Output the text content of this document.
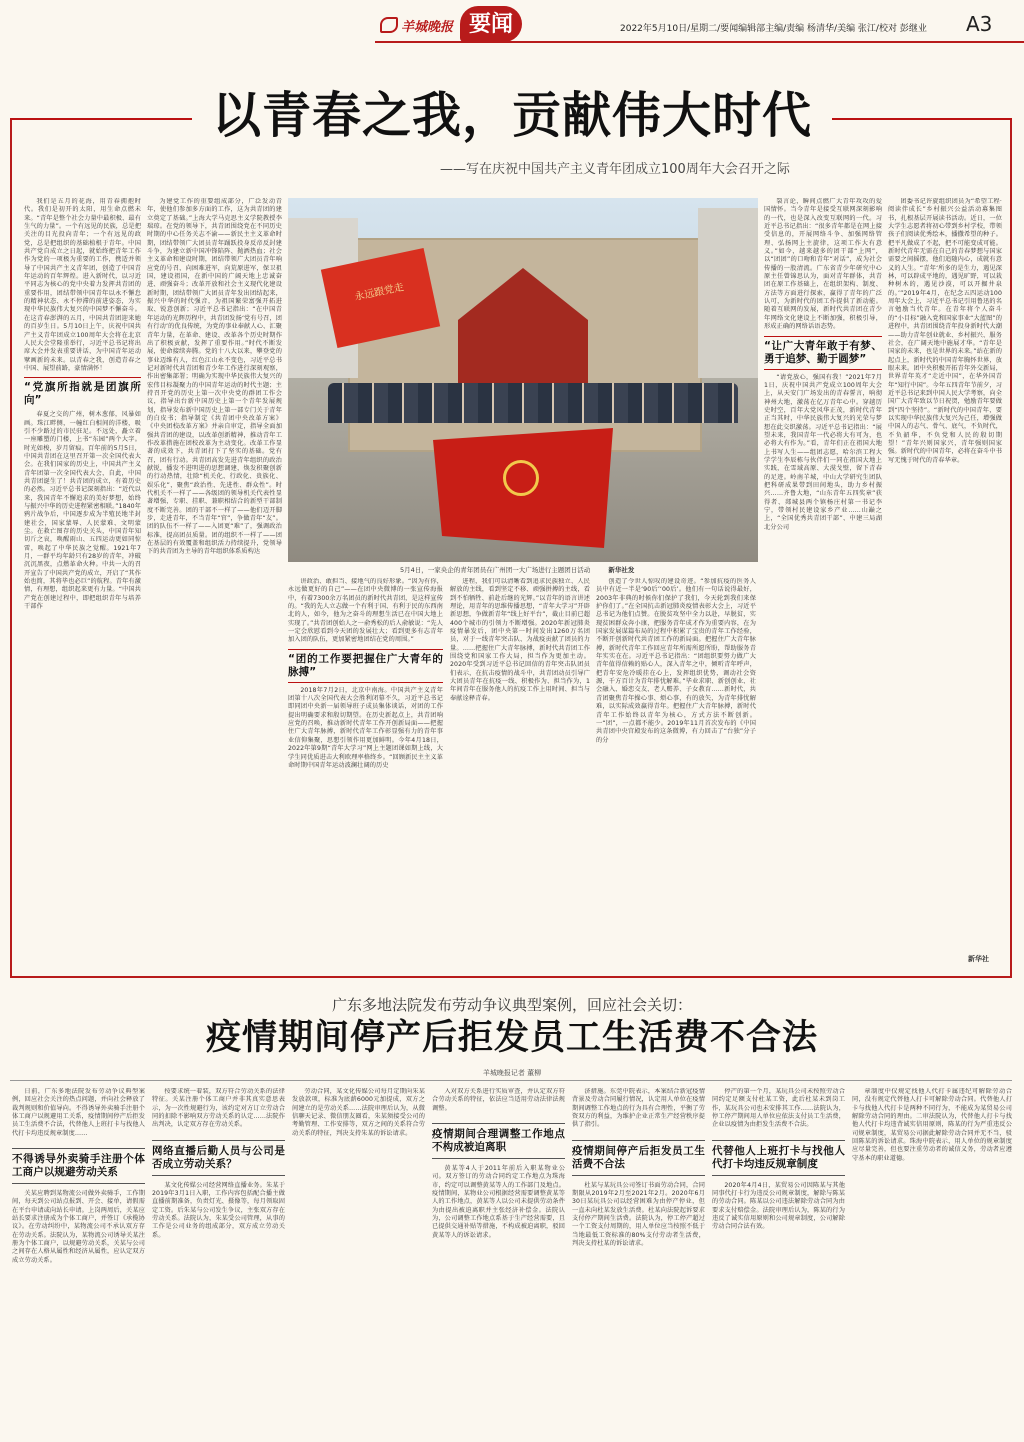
羊城晚报 要闻	2022年5月10日/星期二/要闻编辑部主编/责编 杨清华/美编 张江/校对 彭继业	A3
以青春之我，贡献伟大时代
——写在庆祝中国共产主义青年团成立100周年大会召开之际

我们是五月的花海，用青春拥抱时代。我们是初开的太阳，用生命点燃未来。“青年是整个社会力量中最积极、最有生气的力量”。一个有远见的民族，总是把关注的目光投向青年；一个有远见的政党，总是把组织的基础植根于青年。中国共产党自成立之日起，就始终把青年工作作为党的一项极为重要的工作，携适并领导了中国共产主义青年团，创造了中国青年运动的百年辉煌。进入新时代，以习近平同志为核心的党中央着力发挥共青团的重要作用，团结带领中国青年以永不懈怠的精神状态、永不停滞的前进姿态，为实现中华民族伟大复兴的中国梦不懈奋斗。在这青春澎湃的五月，中国共青团迎来她的百岁生日。5月10日上午，庆祝中国共产主义青年团成立100周年大会将在北京人民大会堂隆重举行，习近平总书记将出席大会并发表重要讲话，为中国青年运动擘画新的未来。以青春之我，创造青春之中国、展望前路，豪情满怀！

“党旗所指就是团旗所向”

春夏之交的广州，树木葱郁，风暴如画。珠江畔侧，一幢红白相间的洋楼，吸引不少路过的市民驻足。不远处，矗立着一座雕塑的门楼，上书“东园”两个大字。时光如梭，岁月留痕。百年前的5月5日，中国共青团在这里召开第一次全国代表大会。在我们国家的历史上，中国共产主义青年团第一次全国代表大会，自此，中国共青团诞生了！共青团的成立，有着历史的必然。习近平总书记深刻指出：“近代以来，我国青年不懈追求的美好梦想，始终与振兴中华的历史进程紧密相联。”1840年鸦片战争后，中国逐步成为半殖民地半封建社会，国家蒙辱、人民蒙难、文明蒙尘。在救亡图存的历史关头，中国青年知切斤之哀，唤醒雨山、五四运动更如同惊雷，唤起了中华民族之觉醒。1921年7月，一群平均年龄只有28岁的青年，冲破沉沉黑夜，点燃革命火种。中共一大的召开宣告了中国共产党的成立，开启了“其作始也简，其将毕也必巨”的航程。青年有激情，有理想，组织起来更有力量。“中国共产党在创建过程中，即把组织青年与培养干部作

为建党工作的重要组成部分，广泛发动青年，使他们参加多方面的工作，这为共青团的建立奠定了基础。”上海大学马克思主义学院教授李瑞琼。在党的领导下，共青团围绕党在不同历史时期的中心任务关志不渝——新民主主义革命时期，团结带领广大团员青年踊跃投身反帝反封建斗争，为建立新中国冲锋陷阵、抛洒热血；社会主义革命和建设时期，团结带领广大团员青年响应党的号召，向困难进军，向荒原进军，保卫祖国，建设祖国，在新中国的广阔天地上忠诚奋进、顽强奋斗；改革开放和社会主义现代化建设新时期，团结带领广大团员青年发出团结起来，振兴中华的时代强音，为祖国繁荣富强开拓进取、锐意创新；习近平总书记指出：“在中国青年运动的光辉历程中，共青团发扬‘党有号召，团有行动’的优良传统，为党的事业奉献人心、汇聚青年力量，在革命、建设、改革各个历史时期作出了积极贡献，发挥了重要作用。”时代不断发展，使命接续奔腾。党的十八大以来，攀登党的事业迈维有人，红色江山永不变色，习近平总书记对新时代共青团和青少年工作进行深刻观察，作出密集部署；明确为实现中华民族伟大复兴的宏伟目标凝聚力的中国青年运动的时代主题；主持召开党的历史上第一次中央党的群团工作会议，指导出台新中国历史上第一个青年发展规划，指导发布新中国历史上第一部专门关于青年的白皮书；指导制定《共青团中央改革方案》《中央团校改革方案》并亲自审定，指导全面加强共青团的建设，以改革创新精神，推动青年工作改革措施在团校改革为主动变化。改革工作显著的成效下，共青团打下了坚实的基础。党有召，团有行动。共青团高发先进青年组织的政治献锐，播发不进明进的思想调建，焕发积聚创新的行动热情，壮除“机关化、行政化、贵族化、娱乐化”，聚焦“政治性、先进性、群众性”。时代机关不一样了——各级团的领导机关代表性显著增强，专职、挂职、兼职相结合的新型干部制度不断完善。团的干部不一样了——他们迈开脚步，走进青年，不当青年“官”，争做青年“友”。团的队伍不一样了——入团更“难”了，强调政治标准，提高团员质量。团的组织不一样了——团在基层的有效覆盖和组织活力持续提升，党领导下的共青团为主导的青年组织体系质构达

永远跟党走
5月4日，一家央企的青年团员在广州团一大广场进行主题团日活动	新华社发

讲政治、敢担当、接地气的良好形象。“因为有你，永远做更好的自己”——在团中央微博的一张宣传海报中，有着7300余万名团员的新时代共青团，是这样宣传的。“我的先人立志做一个有利于国、有利于民的东西南北的人，如今，他为之奋斗的理想生活已在中国大地上实现了。”共青团创始人之一俞秀松的后人俞敏说：“先人一定会欣慰看到今天团的发展壮大；看到更多有志青年加入团的队伍，更加紧密地团结在党的周围。”

“团的工作要把握住广大青年的脉搏”

2018年7月2日，北京中南海。中国共产主义青年团第十八次全国代表大会胜利闭幕不久，习近平总书记即同团中央新一届领导班子成员集体谈话，对团的工作提出明确要求和殷切期望。在历史新起点上，共青团响应党的召唤，推动新时代青年工作开创新局面——把握住广大青年脉搏，新时代青年工作彰显强有力的青年事业信仰集聚，思想引领作用更加鲜明。今年4月18日，2022年第9期“青年大学习”网上主题团课如期上线，大学生同优质进击大利欧理率格终乡。“回顾新民主主义革命时期中国青年运动波澜壮阔的历史

进程，我们可以清晰看到追求民族独立、人民解放的主线，看到坚定不移、顽强拼搏的主线，看到不怕牺牲、前赴后继的光辉。”以青年的语言讲述理论，用青年的思维传播思想，“青年大学习”开辟新思想，争做新青年“线上好平台”，截止目前已超400个城市的引领力不断增强。2020年新冠肺炎疫情暴发后，团中央第一时间发出1260万名团员，对于一线青年突击队、为战疫贡献了团员的力量。……把握住广大青年脉搏，新时代共青团工作围绕党和国家工作大局，担当作为更加主动。2020年受到习近平总书记回信的青年突击队团员们表示，在抗击疫情的战斗中，共青团动员引导广大团员青年在抗疫一线、积极作为、担当作为，1年间青年在服务他人的抗疫工作上用时间、担当与奉献诠释青春。

创造了令世人惊叹的建设奇迹。“参加抗疫的医务人员中有近一半是‘90后’‘00后’。他们有一句话说得最好，2003年非典的时候你们保护了我们，今天轮到我们来保护你们了。”在全国抗击新冠肺炎疫情表彰大会上，习近平总书记为他们点赞。在脱贫攻坚中全力以赴，早脱贫，实现贫困群众奔小康，把服务青年成才作为重要内容，在为国家发展谋篇布局的过程中积累了宝贵的青年工作经验，不断开创新时代共青团工作的新局面。把握住广大青年脉搏，新时代青年工作回应青年所需所愿所盼，帮助服务青年实实在在。习近平总书记指出：“团组织要努力做广大青年值得信赖的贴心人，深入青年之中，倾听青年呼声，把青年安危冷暖挂在心上，发挥组织优势，调动社会资源，千方百计为青年排忧解难。”毕业求职、新创创业、社会融入、婚恋交友、老人赡养、子女教育……新时代，共青团聚焦青年操心事、烦心事，有的放矢，为青年排忧解难，以实际成效赢得青年。把握住广大青年脉搏，新时代青年工作始终以青年为核心，方式方法不断创新。一“团”，一点都不能少。2019年11月首次发布的《中国共青团中央宫殿发布的这条微博，有力回击了“台独”分子的分

裂言论，瞬间点燃广大青年攻攻的爱国情怀。当今青年是接受互联网深刻影响的一代，也是深入改变互联网的一代。习近平总书记指出：“很多青年都是在网上接受信息的，开展网络斗争、加强网络管理、弘扬网上主旋律，这项工作大有意义。”如今，越来越多的团干部“上网”，以“团团”的口吻和青年“对话”，成为社会传播的一股清流。广东省青少年研究中心原主任曾锦思认为，面对青年群体，共青团在原工作基础上，在组织架构、制度、方法等方面进行探索，赢得了青年的广泛认可，为新时代的团工作提供了新动能。随着互联网的发展，新时代共青团在青少年网络文化建设上不断加强，积极引导，形成正确的网络话语态势。

“让广大青年敢于有梦、勇于追梦、勤于圆梦”

“请党放心，强国有我！”2021年7月1日，庆祝中国共产党成立100周年大会上，从天安门广场发出的青春誓言，响彻神州大地，激荡在亿万青年心中。穿越历史时空，百年大党风华正茂，新时代青年正当其时，中华民族伟大复兴的光荣与梦想在此交织激荡。习近平总书记指出：“展望未来，我国青年一代必将大有可为，也必将大有作为。”看，青年们正在祖国大地上书写人生——组团志愿，哈尔滨工程大学学生李辰栋与伙伴们一同在祖国大地上实践，在雪域高原、大漠戈壁，留下青春的足迹。岭南羊城，中山大学研究生团队把科研成果带到田间地头，助力乡村振兴……齐鲁大地，“山东青年五四奖章”获得者、郯城县两个镇杨庄村第一书记李宁，带领村民建设家乡产业……山巅之上，“全国优秀共青团干部”、中建三局湖北分公司

团委书记许旋组织团员为“希望工程·阅读伴成长”乡村振兴公益活动募集图书，扎根基层开展读书活动。近日，一位大学生志愿者将初心带到乡村学校，带领孩子们阅读优秀绘本，播撒希望的种子。把平凡做成了不起，把不可能变成可能。新时代青年无需在自己的青春梦想与国家需要之间摇摆，他们追随内心，成就有意义的人生。“青年‘所多的是生力，遇见深林，可以辟成平地的，遇见旷野，可以栽种树木的，遇见沙漠，可以开掘井泉的。’”2019年4月，在纪念五四运动100周年大会上，习近平总书记引用鲁迅的名言勉励当代青年。在青年将个人奋斗的“小目标”融入党和国家事业“大蓝图”的进程中，共青团围绕青年投身新时代大潮——助力青年创业就业、乡村振兴、服务社会，在广阔天地中施展才华。“青年是国家的未来，也是世界的未来。”站在新的起点上，新时代的中国青年胸怀世界，放眼未来。团中央积极开拓青年外交新局，世界青年英才“走近中国”，在华外国青年“知行中国”。今年五四青年节前夕，习近平总书记来到中国人民大学考察，向全国广大青年致以节日祝贺，勉励青年要做到“四个坚持”。“新时代的中国青年，要以实现中华民族伟大复兴为己任，增强做中国人的志气、骨气、底气，不负时代，不负韶华，不负党和人民的殷切期望！”青年兴则国家兴，青年强则国家强。新时代的中国青年，必将在奋斗中书写无愧于时代的青春华章。

新华社
广东多地法院发布劳动争议典型案例，回应社会关切：
疫情期间停产后拒发员工生活费不合法
羊城晚报记者 董柳

日前，广东多地法院发布劳动争议典型案例，回应社会关注的热点问题，并向社会释放了裁判规则和价值导向。不得诱导外卖骑手注册个体工商户以规避用工关系，疫情期间停产后拒发员工生活费不合法，代替他人上班打卡与找他人代打卡均违反规章制度……

不得诱导外卖骑手注册个体工商户以规避劳动关系

关某应聘到某物流公司做外卖骑手，工作期间，每天到公司站点报到、开会、接单，请假需在平台申请或向站长申请。上岗两周后，关某应站长要求注册成为个体工商户，并签订《承揽协议》。在劳动纠纷中，某物流公司不承认双方存在劳动关系。法院认为，某物流公司诱导关某注册为个体工商户，以规避劳动关系，关某与公司之间存在人格从属性和经济从属性，应认定双方成立劳动关系。

按要求统一着装，双方符合劳动关系的法律特征。关某注册个体工商户并非其真实意思表示，为一次性规避行为，该约定对方订立劳动合同的扣除不影响双方劳动关系的认定……法院作出判决，认定双方存在劳动关系。

网络直播后勤人员与公司是否成立劳动关系？

某文化传媒公司经营网络直播业务。朱某于2019年3月1日入职，工作内容包括配合播主做直播前期准备，负责灯光、摄像等，每月领取固定工资。后朱某与公司发生争议，主张双方存在劳动关系。法院认为，朱某受公司管理，从事的工作是公司业务的组成部分，双方成立劳动关系。

劳动合同，某文化传媒公司每月定期向朱某发放款项，标准为底薪6000元加提成，双方之间建立的是劳动关系……法院审理后认为，从微信聊天记录、微信朋友圈看，朱某须接受公司的考勤管理、工作安排等，双方之间的关系符合劳动关系的特征，判决支持朱某的诉讼请求。

入对双方关系进行实质审查，并认定双方符合劳动关系的特征，依法应当适用劳动法律法规调整。

疫情期间合理调整工作地点不构成被迫离职

黄某等4人于2011年前后入职某物业公司。双方签订的劳动合同约定工作地点为珠海市，约定可以调整黄某等人的工作部门及地点。疫情期间，某物业公司根据经营需要调整黄某等人的工作地点，黄某等人以公司未提供劳动条件为由提出被迫离职并主张经济补偿金。法院认为，公司调整工作地点系基于生产经营需要，且已提供交通补贴等措施，不构成被迫离职，驳回黄某等人的诉讼请求。

济措施。东莞中院表示，本案结合新冠疫情背景及劳动合同履行情况，认定用人单位在疫情期间调整工作地点的行为具有合理性，平衡了劳资双方的利益，为维护企业正常生产经营秩序提供了指引。

疫情期间停产后拒发员工生活费不合法

杜某与某玩具公司签订书面劳动合同，合同期限从2019年2月至2021年2月。2020年6月30日某玩具公司以经营困难为由停产停业，但一直未向杜某发放生活费。杜某向法院起诉要求支付停产期间生活费。法院认为，停工停产超过一个工资支付周期的，用人单位应当按照不低于当地最低工资标准的80%支付劳动者生活费，判决支持杜某的诉讼请求。

停产的第一个月，某玩具公司未按照劳动合同约定足额支付杜某工资，此后杜某未到岗工作，某玩具公司也未安排其工作……法院认为，停工停产期间用人单位应依法支付员工生活费，企业以疫情为由拒发生活费不合法。

代替他人上班打卡与找他人代打卡均违反规章制度

2020年4月4日，某贸易公司因陈某与其他同事代打卡行为违反公司规章制度，解除与陈某的劳动合同。陈某以公司违法解除劳动合同为由要求支付赔偿金。法院审理后认为，陈某的行为违反了诚实信用原则和公司规章制度，公司解除劳动合同合法有效。

章制度中仅规定找他人代打卡属违纪可解除劳动合同，没有规定代替他人打卡可解除劳动合同。代替他人打卡与找他人代打卡是两种不同行为，不能成为某贸易公司解除劳动合同的理由。二审法院认为，代替他人打卡与找他人代打卡均违背诚实信用原则，陈某的行为严重违反公司规章制度，某贸易公司据此解除劳动合同并无不当，驳回陈某的诉讼请求。珠海中院表示，用人单位的规章制度应尽量完善，但也要注重劳动者的诚信义务，劳动者应遵守基本的职业道德。
